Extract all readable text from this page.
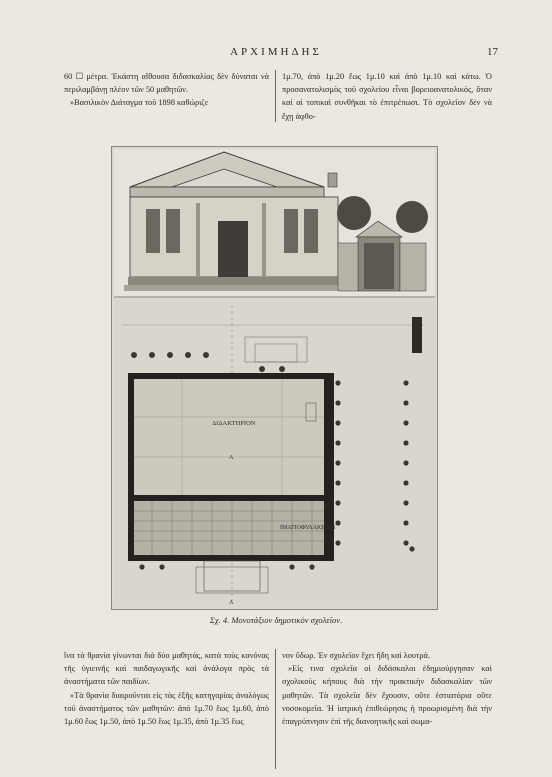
ΑΡΧΙΜΗΔΗΣ	17

60 ☐ μέτρα. Ἑκάστη αἴθουσα διδασκαλίας δὲν δύναται νὰ περιλαμβάνῃ πλέον τῶν 50 μαθητῶν.

»Βασιλικὸν Διάταγμα τοῦ 1898 καθώριζε

1μ.70, ἀπὸ 1μ.20 ἕως 1μ.10 καὶ ἀπὸ 1μ.10 καὶ κάτω. Ὁ προσανατολισμὸς τοῦ σχολείου εἶναι βορειοανατολικός, ὅταν καὶ αἱ τοπικαὶ συνθῆκαι τὸ ἐπιτρέπωσι. Τὸ σχολεῖον δὲν νὰ ἔχῃ ἀφθο-

A
ΔΙΔΑΚΤΗΡΙΟΝ
ΙΜΑΤΙΟΦΥΛΑΚΕΙΟΝ
A
Σχ. 4. Μονοτάξιον δημοτικὸν σχολεῖον.

ἵνα τὰ θρανία γίνωνται διὰ δύο μαθητάς, κατὰ τοὺς κανόνας τῆς ὑγιεινῆς καὶ παιδαγωγικῆς καὶ ἀνάλογα πρὸς τὰ ἀναστήματα τῶν παιδίων.

»Τὰ θρανία διαιροῦνται εἰς τὰς ἑξῆς κατηγορίας ἀναλόγως τοῦ ἀναστήματος τῶν μαθητῶν: ἀπὸ 1μ.70 ἕως 1μ.60, ἀπὸ 1μ.60 ἕως 1μ.50, ἀπὸ 1μ.50 ἕως 1μ.35, ἀπὸ 1μ.35 ἕως

νον ὕδωρ. Ἐν σχολεῖον ἔχει ἤδη καὶ λουτρά.

»Εἰς τινα σχολεῖα οἱ διδάσκαλοι ἐδημιούργησαν καὶ σχολικοὺς κήπους διὰ τὴν πρακτικὴν διδασκαλίαν τῶν μαθητῶν. Τὰ σχολεῖα δὲν ἔχουσιν, οὔτε ἑστιατόρια οὔτε νοσοκομεῖα. Ἡ ἰατρικὴ ἐπιθεώρησις ἡ προωρισμένη διὰ τὴν ἐπαγρύπνησιν ἐπὶ τῆς διανοητικῆς καὶ σωμα-
